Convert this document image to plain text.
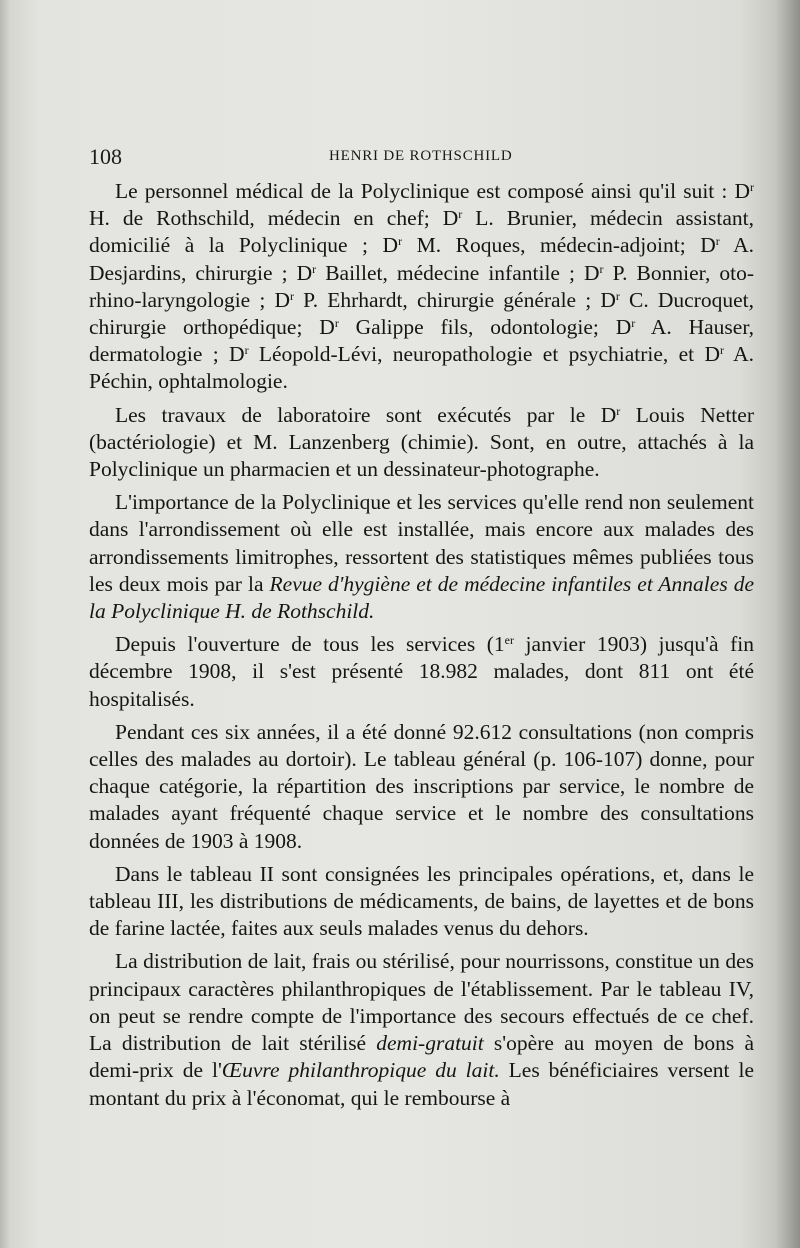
108	HENRI DE ROTHSCHILD

Le personnel médical de la Polyclinique est composé ainsi qu'il suit : $D^r$ H. de Rothschild, médecin en chef; $D^r$ L. Brunier, médecin assistant, domicilié à la Polyclinique ; $D^r$ M. Roques, médecin-adjoint; $D^r$ A. Desjardins, chirurgie ; $D^r$ Baillet, médecine infantile ; $D^r$ P. Bonnier, oto-rhino-laryngologie ; $D^r$ P. Ehrhardt, chirurgie générale ; $D^r$ C. Ducroquet, chirurgie orthopédique; $D^r$ Galippe fils, odontologie; $D^r$ A. Hauser, dermatologie ; $D^r$ Léopold-Lévi, neuropathologie et psychiatrie, et $D^r$ A. Péchin, ophtalmologie.

Les travaux de laboratoire sont exécutés par le $D^r$ Louis Netter (bactériologie) et M. Lanzenberg (chimie). Sont, en outre, attachés à la Polyclinique un pharmacien et un dessinateur-photographe.

L'importance de la Polyclinique et les services qu'elle rend non seulement dans l'arrondissement où elle est installée, mais encore aux malades des arrondissements limitrophes, ressortent des statistiques mêmes publiées tous les deux mois par la Revue d'hygiène et de médecine infantiles et Annales de la Polyclinique H. de Rothschild.

Depuis l'ouverture de tous les services (1er janvier 1903) jusqu'à fin décembre 1908, il s'est présenté 18.982 malades, dont 811 ont été hospitalisés.

Pendant ces six années, il a été donné 92.612 consultations (non compris celles des malades au dortoir). Le tableau général (p. 106-107) donne, pour chaque catégorie, la répartition des inscriptions par service, le nombre de malades ayant fréquenté chaque service et le nombre des consultations données de 1903 à 1908.

Dans le tableau II sont consignées les principales opérations, et, dans le tableau III, les distributions de médicaments, de bains, de layettes et de bons de farine lactée, faites aux seuls malades venus du dehors.

La distribution de lait, frais ou stérilisé, pour nourrissons, constitue un des principaux caractères philanthropiques de l'établissement. Par le tableau IV, on peut se rendre compte de l'importance des secours effectués de ce chef. La distribution de lait stérilisé demi-gratuit s'opère au moyen de bons à demi-prix de l'Œuvre philanthropique du lait. Les bénéficiaires versent le montant du prix à l'économat, qui le rembourse à
